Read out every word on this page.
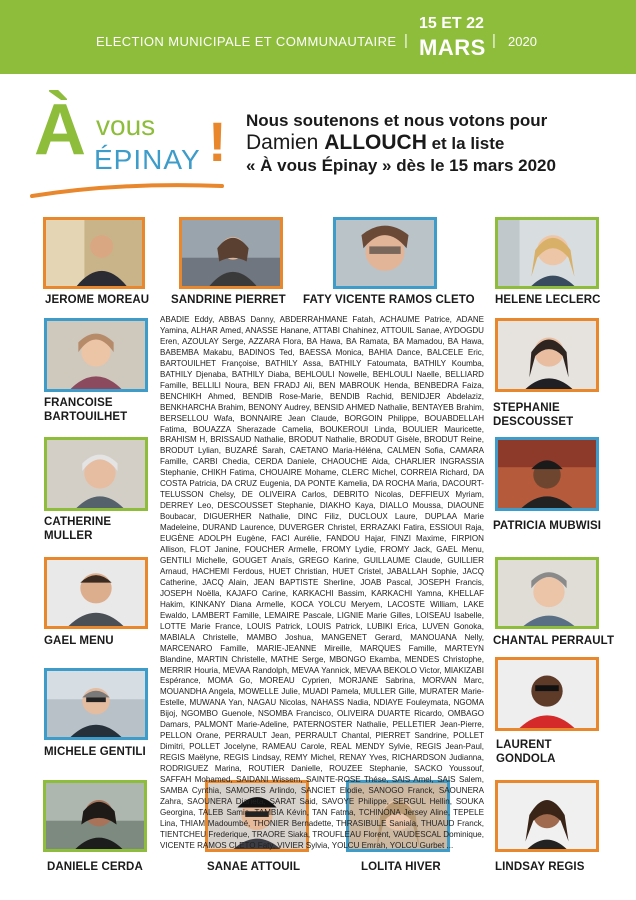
ELECTION MUNICIPALE ET COMMUNAUTAIRE |
15 ET 22
MARS | 2020
À vous
ÉPINAY ! Nous soutenons et nous votons pour
Damien ALLOUCH et la liste
« À vous Épinay » dès le 15 mars 2020
JEROME MOREAU SANDRINE PIERRET FATY VICENTE RAMOS CLETO HELENE LECLERC
FRANCOISE BARTOUILHET
CATHERINE MULLER
GAEL MENU
MICHELE GENTILI
STEPHANIE DESCOUSSET
PATRICIA MUBWISI
CHANTAL PERRAULT
LAURENT GONDOLA
DANIELE CERDA	SANAE ATTOUIL	LOLITA HIVER	LINDSAY REGIS

ABADIE Eddy, ABBAS Danny, ABDERRAHMANE Fatah, ACHAUME Patrice, ADANE Yamina, ALHAR Amed, ANASSE Hanane, ATTABI Chahinez, ATTOUIL Sanae, AYDOGDU Eren, AZOULAY Serge, AZZARA Flora, BA Hawa, BA Ramata, BA Mamadou, BA Hawa, BABEMBA Makabu, BADINOS Ted, BAESSA Monica, BAHIA Dance, BALCELE Eric, BARTOUILHET Françoise, BATHILY Assa, BATHILY Fatoumata, BATHILY Koumba, BATHILY Djenaba, BATHILY Diaba, BEHLOULI Nowelle, BEHLOULI Naelle, BELLIARD Famille, BELLILI Noura, BEN FRADJ Ali, BEN MABROUK Henda, BENBEDRA Faiza, BENCHIKH Ahmed, BENDIB Rose-Marie, BENDIB Rachid, BENIDJER Abdelaziz, BENKHARCHA Brahim, BENONY Audrey, BENSID AHMED Nathalie, BENTAYEB Brahim, BERSELLOU Wafa, BONNAIRE Jean Claude, BORGOIN Philippe, BOUABDELLAH Fatima, BOUAZZA Sherazade Camelia, BOUKEROUI Linda, BOULIER Mauricette, BRAHISM H, BRISSAUD Nathalie, BRODUT Nathalie, BRODUT Gisèle, BRODUT Reine, BRODUT Lylian, BUZARÉ Sarah, CAETANO Maria-Héléna, CALMEN Sofia, CAMARA Famille, CARBI Chedia, CERDA Daniele, CHAOUCHE Aida, CHARLIER INGRASSIA Stephanie, CHIKH Fatima, CHOUAIRE Mohame, CLERC Michel, CORREIA Richard, DA COSTA Patricia, DA CRUZ Eugenia, DA PONTE Kamelia, DA ROCHA Maria, DACOURT-TELUSSON Chelsy, DE OLIVEIRA Carlos, DEBRITO Nicolas, DEFFIEUX Myriam, DERREY Leo, DESCOUSSET Stephanie, DIAKHO Kaya, DIALLO Moussa, DIAOUNE Boubacar, DIGUERHER Nathalie, DINC Filiz, DUCLOUX Laure, DUPLAA Marie Madeleine, DURAND Laurence, DUVERGER Christel, ERRAZAKI Fatira, ESSIOUI Raja, EUGÈNE ADOLPH Eugène, FACI Aurélie, FANDOU Hajar, FINZI Maxime, FIRPION Allison, FLOT Janine, FOUCHER Armelle, FROMY Lydie, FROMY Jack, GAEL Menu, GENTILI Michelle, GOUGET Anaïs, GREGO Karine, GUILLAUME Claude, GUILLIER Arnaud, HACHEMI Ferdous, HUET Christian, HUET Cristel, JABALLAH Sophie, JACQ Catherine, JACQ Alain, JEAN BAPTISTE Sherline, JOAB Pascal, JOSEPH Francis, JOSEPH Noëlla, KAJAFO Carine, KARKACHI Bassim, KARKACHI Yamna, KHELLAF Hakim, KINKANY Diana Armelle, KOCA YOLCU Meryem, LACOSTE William, LAKE Ewaldo, LAMBERT Famille, LEMAIRE Pascale, LIGNIE Marie Gilles, LOISEAU Isabelle, LOTTE Marie France, LOUIS Patrick, LOUIS Patrick, LUBIKI Erica, LUVEN Gonoka, MABIALA Christelle, MAMBO Joshua, MANGENET Gerard, MANOUANA Nelly, MARCENARO Famille, MARIE-JEANNE Mireille, MARQUES Famille, MARTEYN Blandine, MARTIN Christelle, MATHE Serge, MBONGO Ekamba, MENDES Christophe, MERRIR Houria, MEVAA Randolph, MEVAA Yannick, MEVAA BEKOLO Victor, MIAKIZABI Espérance, MOMA Go, MOREAU Cyprien, MORJANE Sabrina, MORVAN Marc, MOUANDHA Angela, MOWELLE Julie, MUADI Pamela, MULLER Gille, MURATER Marie-Estelle, MUWANA Yan, NAGAU Nicolas, NAHASS Nadia, NDIAYE Fouleymata, NGOMA Bijoj, NGOMBO Guenole, NSOMBA Francisco, OLIVEIRA DUARTE Ricardo, OMBAGO Damars, PALMONT Marie-Adeline, PATERNOSTER Nathalie, PELLETIER Jean-Pierre, PELLON Orane, PERRAULT Jean, PERRAULT Chantal, PIERRET Sandrine, POLLET Dimitri, POLLET Jocelyne, RAMEAU Carole, REAL MENDY Sylvie, REGIS Jean-Paul, REGIS Maëlyne, REGIS Lindsay, REMY Michel, RENAY Yves, RICHARDSON Judianna, RODRIGUEZ Marina, ROUTIER Danielle, ROUZEE Stephanie, SACKO Youssouf, SAFFAH Mohamed, SAIDANI Wissem, SAINTE-ROSE Thése, SAIS Amel, SAIS Salem, SAMBA Cynthia, SAMORES Arlindo, SANCIET Elodie, SANOGO Franck, SAOUNERA Zahra, SAOUNERA Diarieta, SARAT Said, SAVOYE Philippe, SERGUL Hellin, SOUKA Georgina, TALEB Samia, TAMBIA Kévin, TAN Fatma, TCHINONA Jersey Aline, TEPELE Lina, THIAM Madoumbé, THONIER Bernadette, THRASIBULE Saniala, THUAUD Franck, TIENTCHEU Frederique, TRAORE Siaka, TROUFLEAU Florent, VAUDESCAL Dominique, VICENTE RAMOS CLETO Faty, VIVIER Sylvia, YOLCU Emrah, YOLCU Gurbet ...
